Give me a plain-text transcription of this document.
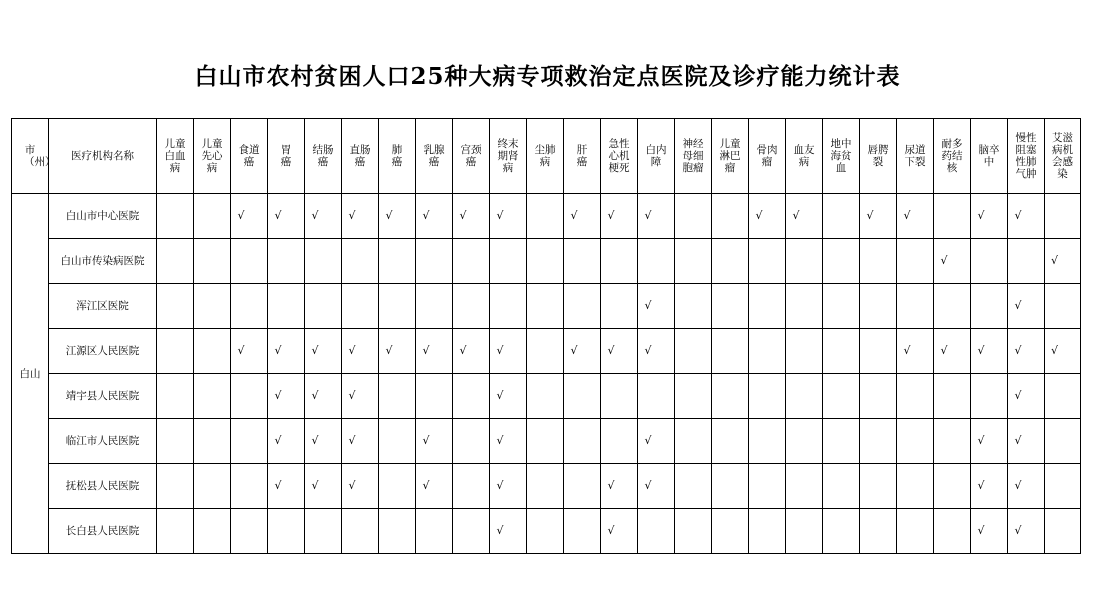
白山市农村贫困人口25种大病专项救治定点医院及诊疗能力统计表
市（州）	医疗机构名称	儿童白血病	儿童先心病	食道癌	胃癌	结肠癌	直肠癌	肺癌	乳腺癌	宫颈癌	终末期肾病	尘肺病	肝癌	急性心机梗死	白内障	神经母细胞瘤	儿童淋巴瘤	骨肉瘤	血友病	地中海贫血	唇腭裂	尿道下裂	耐多药结核	脑卒中	慢性阻塞性肺气肿	艾滋病机会感染
白山	白山市中心医院			√	√	√	√	√	√	√	√		√	√	√			√	√		√	√		√	√	
	白山市传染病医院																						√			√
	浑江区医院														√										√	
	江源区人民医院			√	√	√	√	√	√	√	√		√	√	√							√	√	√	√	√
	靖宇县人民医院				√	√	√				√														√	
	临江市人民医院				√	√	√		√		√				√									√	√	
	抚松县人民医院				√	√	√		√		√			√	√									√	√	
	长白县人民医院										√			√										√	√	
